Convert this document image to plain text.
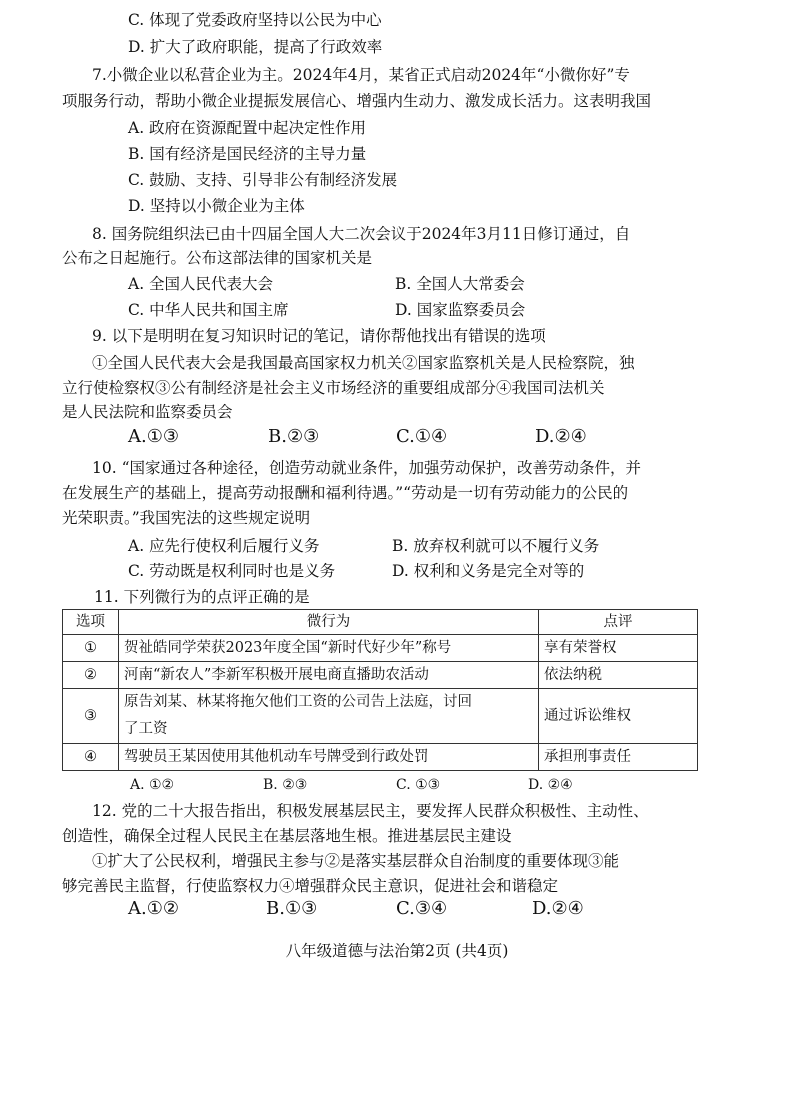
C. 体现了党委政府坚持以公民为中心
D. 扩大了政府职能，提高了行政效率
7.小微企业以私营企业为主。2024年4月，某省正式启动2024年“小微你好”专
项服务行动，帮助小微企业提振发展信心、增强内生动力、激发成长活力。这表明我国
A. 政府在资源配置中起决定性作用
B. 国有经济是国民经济的主导力量
C. 鼓励、支持、引导非公有制经济发展
D. 坚持以小微企业为主体
8. 国务院组织法已由十四届全国人大二次会议于2024年3月11日修订通过，自
公布之日起施行。公布这部法律的国家机关是
A. 全国人民代表大会	B. 全国人大常委会
C. 中华人民共和国主席	D. 国家监察委员会
9. 以下是明明在复习知识时记的笔记，请你帮他找出有错误的选项
①全国人民代表大会是我国最高国家权力机关②国家监察机关是人民检察院，独
立行使检察权③公有制经济是社会主义市场经济的重要组成部分④我国司法机关
是人民法院和监察委员会
A.①③	B.②③	C.①④	D.②④
10. “国家通过各种途径，创造劳动就业条件，加强劳动保护，改善劳动条件，并
在发展生产的基础上，提高劳动报酬和福利待遇。”“劳动是一切有劳动能力的公民的
光荣职责。”我国宪法的这些规定说明
A. 应先行使权利后履行义务	B. 放弃权利就可以不履行义务
C. 劳动既是权利同时也是义务	D. 权利和义务是完全对等的
11. 下列微行为的点评正确的是
选项	微行为	点评
①	贺祉皓同学荣获2023年度全国“新时代好少年”称号	享有荣誉权
②	河南“新农人”李新军积极开展电商直播助农活动	依法纳税
③	原告刘某、林某将拖欠他们工资的公司告上法庭，讨回
了工资	通过诉讼维权
④	驾驶员王某因使用其他机动车号牌受到行政处罚	承担刑事责任
A. ①②	B. ②③	C. ①③	D. ②④
12. 党的二十大报告指出，积极发展基层民主，要发挥人民群众积极性、主动性、
创造性，确保全过程人民民主在基层落地生根。推进基层民主建设
①扩大了公民权利，增强民主参与②是落实基层群众自治制度的重要体现③能
够完善民主监督，行使监察权力④增强群众民主意识，促进社会和谐稳定
A.①②	B.①③	C.③④	D.②④
八年级道德与法治第2页 (共4页)
